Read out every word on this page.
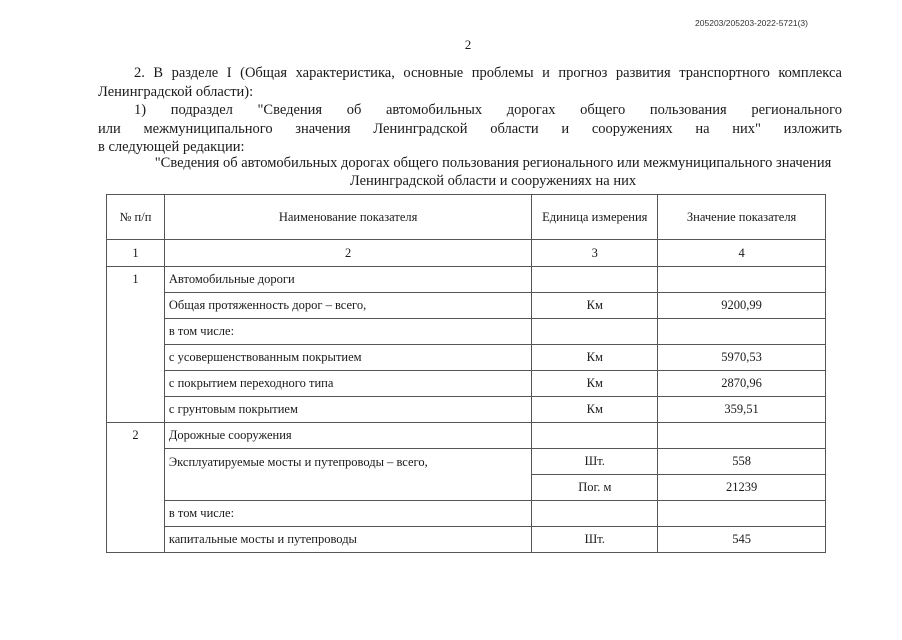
205203/205203-2022-5721(3)
2

2. В разделе I (Общая характеристика, основные проблемы и прогноз развития транспортного комплекса Ленинградской области):

1) подраздел "Сведения об автомобильных дорогах общего пользования регионального

или межмуниципального значения Ленинградской области и сооружениях на них" изложить

в следующей редакции:

"Сведения об автомобильных дорогах общего пользования регионального или межмуниципального значения
Ленинградской области и сооружениях на них
№ п/п	Наименование показателя	Единица измерения	Значение показателя
1	2	3	4
1	Автомобильные дороги		
	Общая протяженность дорог – всего,	Км	9200,99
	в том числе:		
	с усовершенствованным покрытием	Км	5970,53
	с покрытием переходного типа	Км	2870,96
	с грунтовым покрытием	Км	359,51
2	Дорожные сооружения		
	Эксплуатируемые мосты и путепроводы – всего,	Шт.	558
		Пог. м	21239
	в том числе:		
	капитальные мосты и путепроводы	Шт.	545
